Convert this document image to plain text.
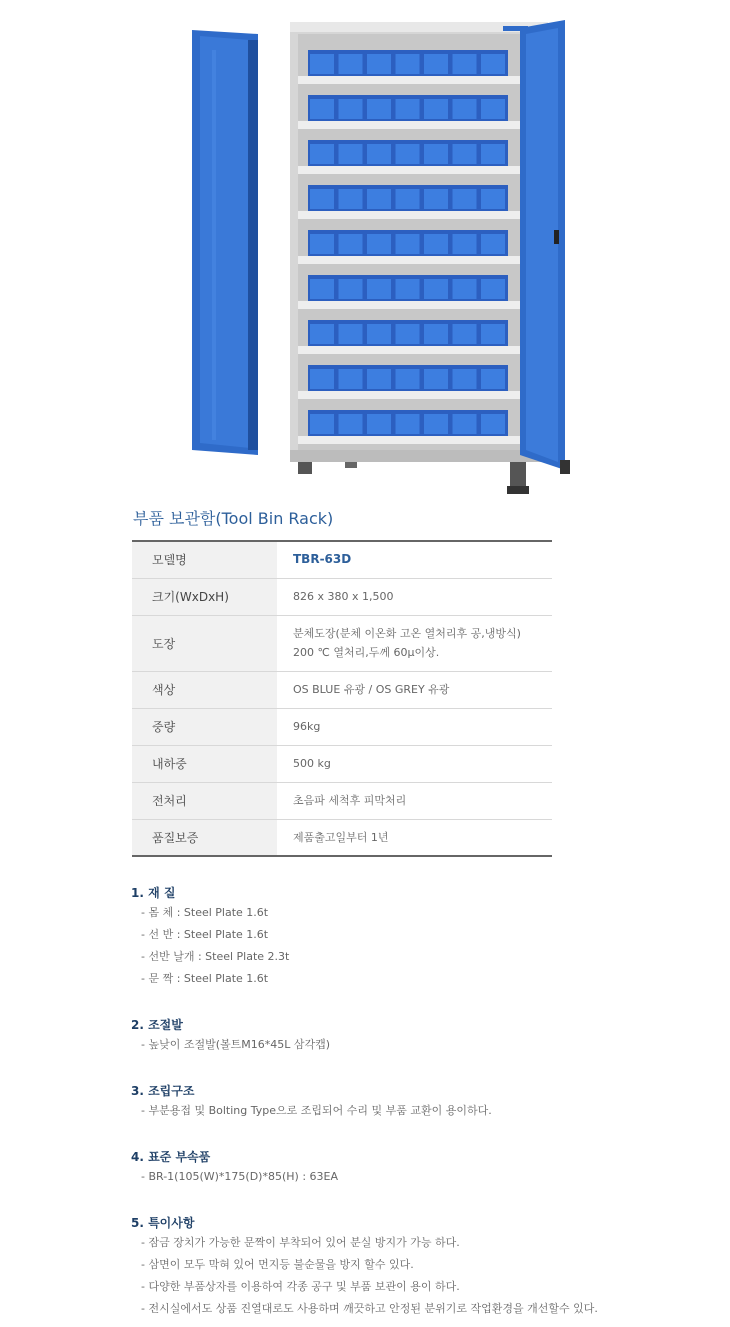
부품 보관함(Tool Bin Rack)
모델명	TBR-63D
크기(WxDxH)	826 x 380 x 1,500
도장	분체도장(분체 이온화 고온 열처리후 공,냉방식)
200 ℃ 열처리,두께 60μ이상.

색상	OS BLUE 유광 / OS GREY 유광
중량	96kg
내하중	500 kg
전처리	초음파 세척후 피막처리
품질보증	제품출고일부터 1년
1. 재 질
- 몸 체 : Steel Plate 1.6t
- 선 반 : Steel Plate 1.6t
- 선반 날개 : Steel Plate 2.3t
- 문 짝 : Steel Plate 1.6t
2. 조절발
- 높낮이 조절발(볼트M16*45L 삼각캡)
3. 조립구조
- 부분용접 및 Bolting Type으로 조립되어 수리 및 부품 교환이 용이하다.
4. 표준 부속품
- BR-1(105(W)*175(D)*85(H) : 63EA
5. 특이사항
- 잠금 장치가 가능한 문짝이 부착되어 있어 분실 방지가 가능 하다.
- 삼면이 모두 막혀 있어 먼지등 불순물을 방지 할수 있다.
- 다양한 부품상자를 이용하여 각종 공구 및 부품 보관이 용이 하다.
- 전시실에서도 상품 진열대로도 사용하며 깨끗하고 안정된 분위기로 작업환경을 개선할수 있다.
